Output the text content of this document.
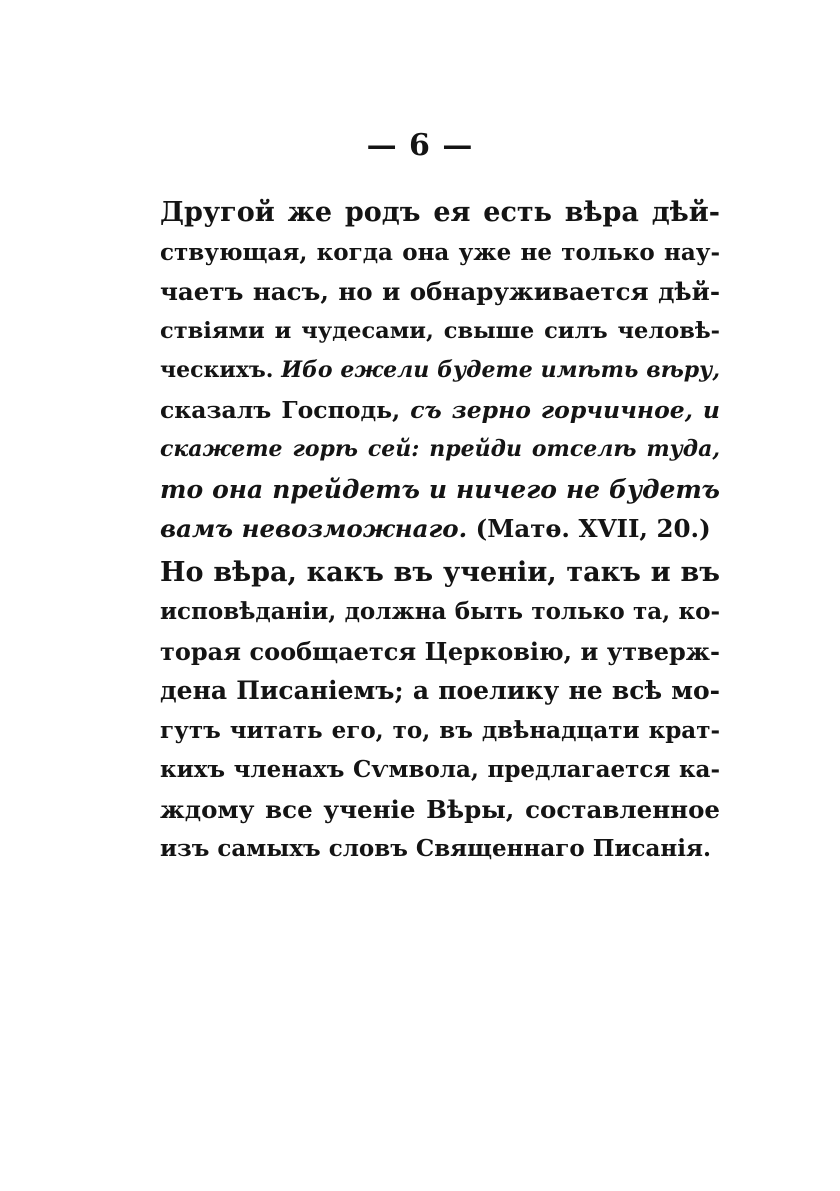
— 6 —
Другой же родъ ея есть вѣра дѣй-
ствующая, когда она уже не только нау-
чаетъ насъ, но и обнаруживается дѣй-
ствіями и чудесами, свыше силъ человѣ-
ческихъ. Ибо ежели будете имѣть вѣру,
сказалъ Господь, съ зерно горчичное, и
скажете горѣ сей: прейди отселѣ туда,
то она прейдетъ и ничего не будетъ
вамъ невозможнаго. (Матѳ. XVII, 20.)
Но вѣра, какъ въ ученіи, такъ и въ
исповѣданіи, должна быть только та, ко-
торая сообщается Церковію, и утверж-
дена Писаніемъ; а поелику не всѣ мо-
гутъ читать его, то, въ двѣнадцати крат-
кихъ членахъ Сѵмвола, предлагается ка-
ждому все ученіе Вѣры, составленное
изъ самыхъ словъ Священнаго Писанія.
